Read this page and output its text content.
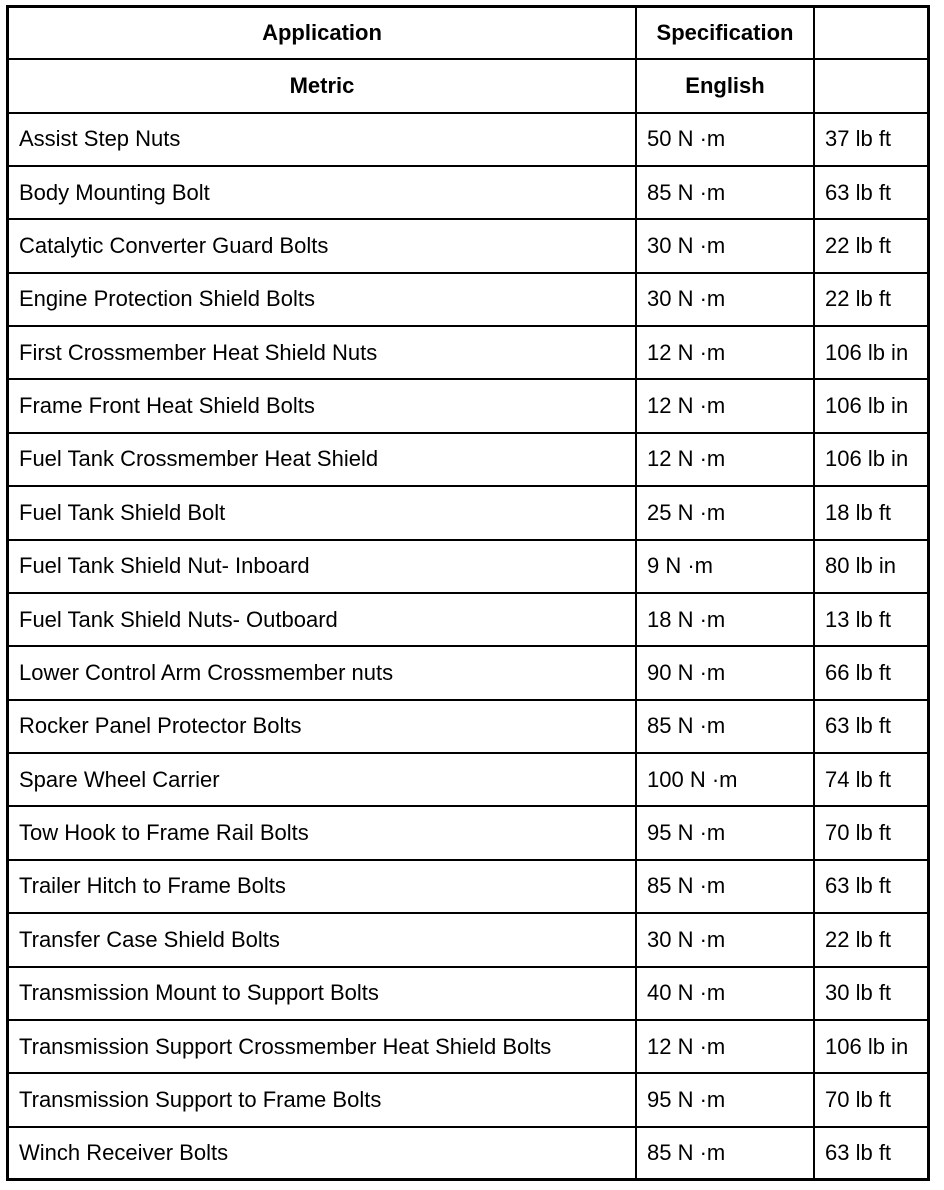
Application	Specification	
Metric	English	
Assist Step Nuts	50 N ·m	37 lb ft
Body Mounting Bolt	85 N ·m	63 lb ft
Catalytic Converter Guard Bolts	30 N ·m	22 lb ft
Engine Protection Shield Bolts	30 N ·m	22 lb ft
First Crossmember Heat Shield Nuts	12 N ·m	106 lb in
Frame Front Heat Shield Bolts	12 N ·m	106 lb in
Fuel Tank Crossmember Heat Shield	12 N ·m	106 lb in
Fuel Tank Shield Bolt	25 N ·m	18 lb ft
Fuel Tank Shield Nut- Inboard	9 N ·m	80 lb in
Fuel Tank Shield Nuts- Outboard	18 N ·m	13 lb ft
Lower Control Arm Crossmember nuts	90 N ·m	66 lb ft
Rocker Panel Protector Bolts	85 N ·m	63 lb ft
Spare Wheel Carrier	100 N ·m	74 lb ft
Tow Hook to Frame Rail Bolts	95 N ·m	70 lb ft
Trailer Hitch to Frame Bolts	85 N ·m	63 lb ft
Transfer Case Shield Bolts	30 N ·m	22 lb ft
Transmission Mount to Support Bolts	40 N ·m	30 lb ft
Transmission Support Crossmember Heat Shield Bolts	12 N ·m	106 lb in
Transmission Support to Frame Bolts	95 N ·m	70 lb ft
Winch Receiver Bolts	85 N ·m	63 lb ft
